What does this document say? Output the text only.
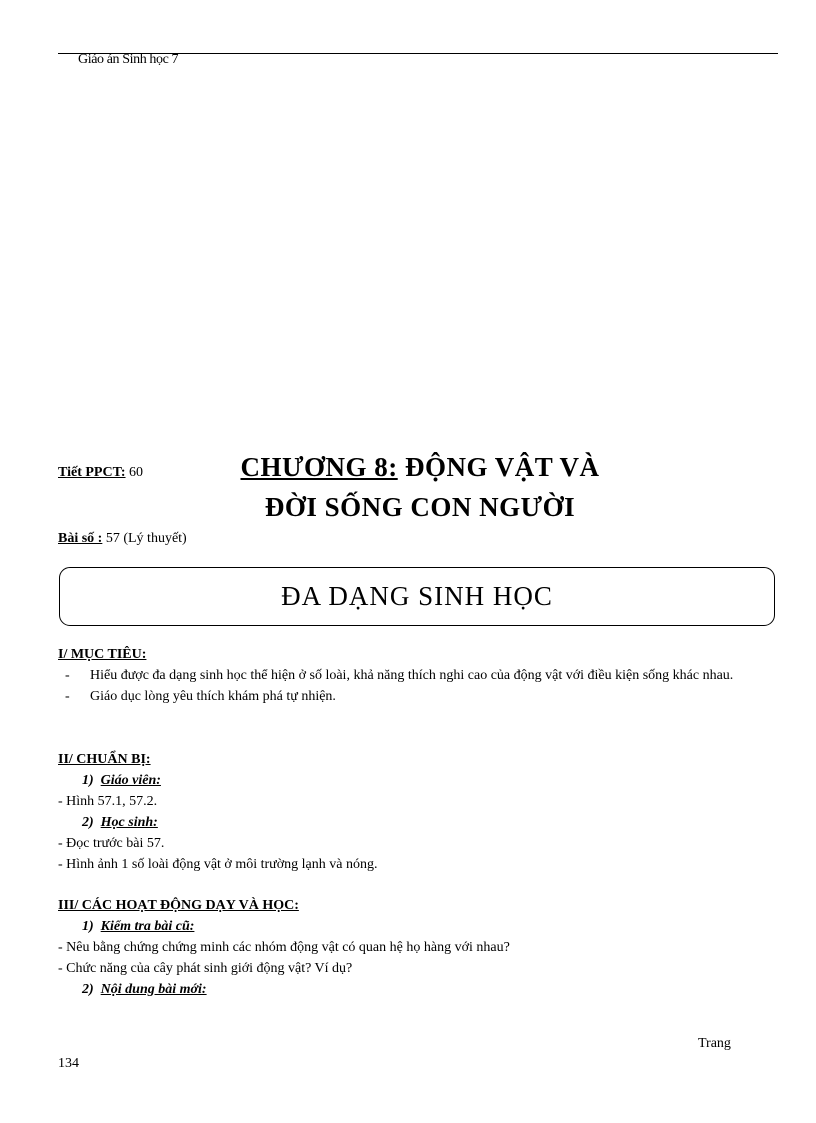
Giáo án Sinh học 7
Tiết PPCT: 60	CHƯƠNG 8: ĐỘNG VẬT VÀ
ĐỜI SỐNG CON NGƯỜI
Bài số : 57 (Lý thuyết)
ĐA DẠNG SINH HỌC
I/ MỤC TIÊU:
- Hiểu được đa dạng sinh học thể hiện ở số loài, khả năng thích nghi cao của động vật với điều kiện sống khác nhau.
- Giáo dục lòng yêu thích khám phá tự nhiện.
II/ CHUẨN BỊ:
1) Giáo viên:

- Hình 57.1, 57.2.

2) Học sinh:

- Đọc trước bài 57.

- Hình ảnh 1 số loài động vật ở môi trường lạnh và nóng.

III/ CÁC HOẠT ĐỘNG DẠY VÀ HỌC:
1) Kiểm tra bài cũ:

- Nêu bằng chứng chứng minh các nhóm động vật có quan hệ họ hàng với nhau?

- Chức năng của cây phát sinh giới động vật? Ví dụ?

2) Nội dung bài mới:
Trang
134
